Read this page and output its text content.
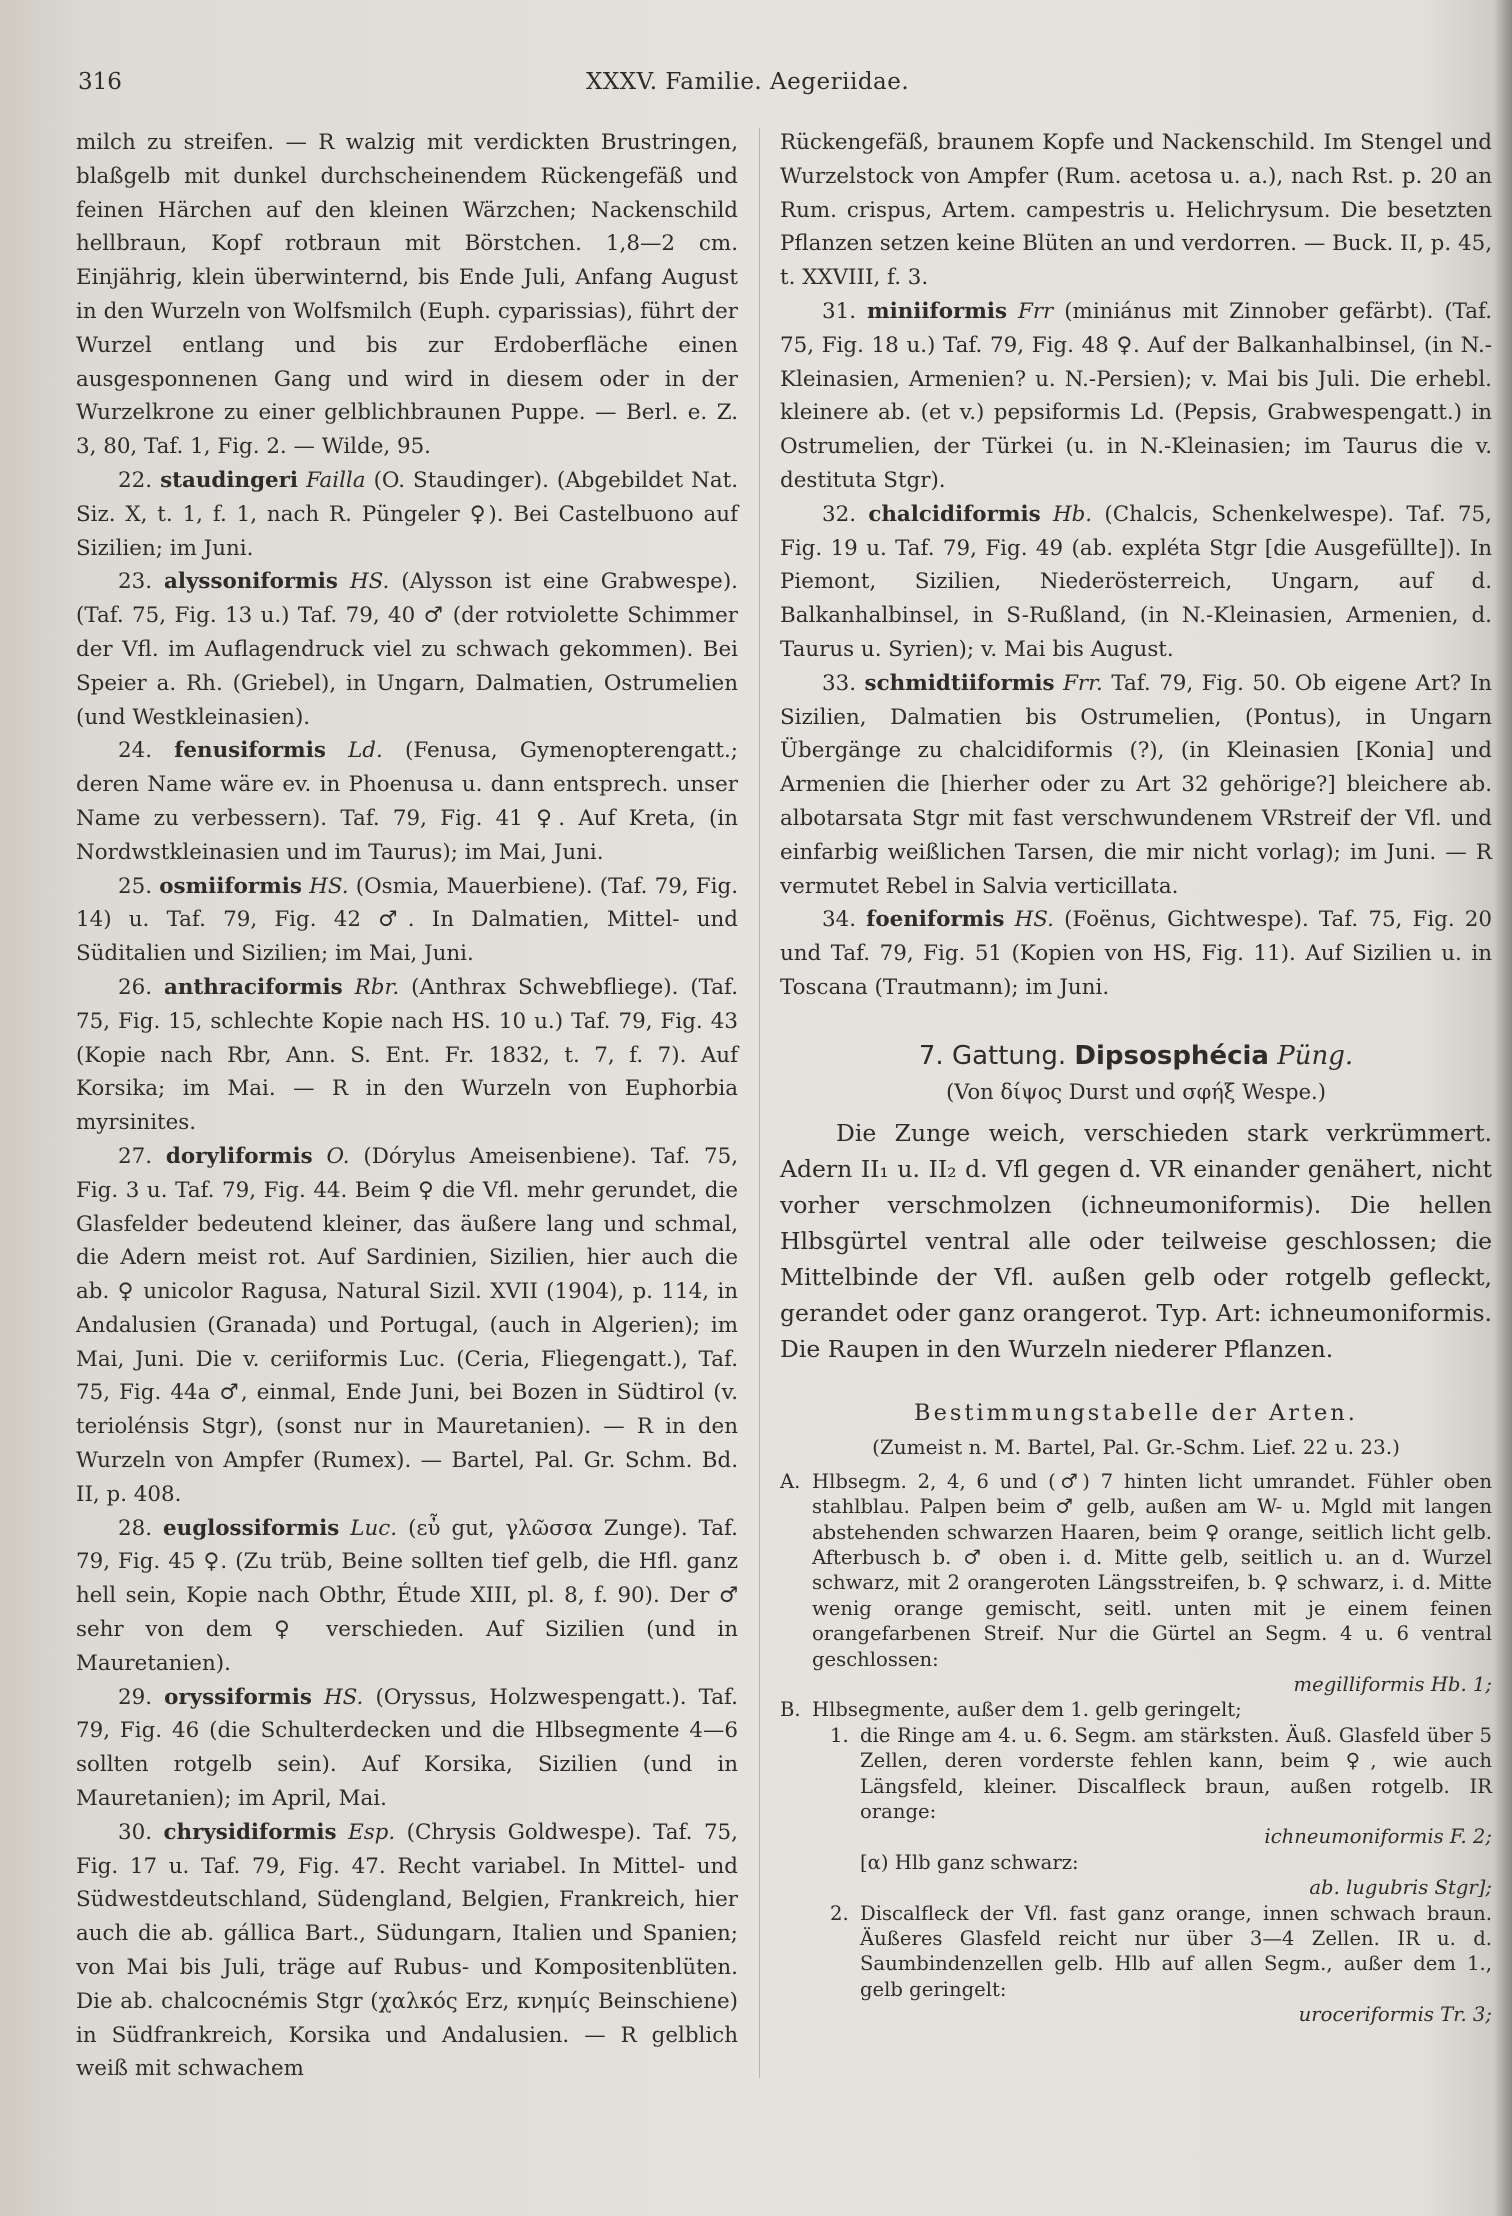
316	XXXV. Familie. Aegeriidae.

milch zu streifen. — R walzig mit verdickten Brustringen, blaßgelb mit dunkel durchscheinendem Rückengefäß und feinen Härchen auf den kleinen Wärzchen; Nackenschild hellbraun, Kopf rotbraun mit Börstchen. 1,8—2 cm. Einjährig, klein überwinternd, bis Ende Juli, Anfang August in den Wurzeln von Wolfsmilch (Euph. cyparissias), führt der Wurzel entlang und bis zur Erdoberfläche einen ausgesponnenen Gang und wird in diesem oder in der Wurzelkrone zu einer gelblichbraunen Puppe. — Berl. e. Z. 3, 80, Taf. 1, Fig. 2. — Wilde, 95.

22. staudingeri Failla (O. Staudinger). (Abgebildet Nat. Siz. X, t. 1, f. 1, nach R. Püngeler ♀). Bei Castelbuono auf Sizilien; im Juni.

23. alyssoniformis HS. (Alysson ist eine Grabwespe). (Taf. 75, Fig. 13 u.) Taf. 79, 40 ♂ (der rotviolette Schimmer der Vfl. im Auflagendruck viel zu schwach gekommen). Bei Speier a. Rh. (Griebel), in Ungarn, Dalmatien, Ostrumelien (und Westkleinasien).

24. fenusiformis Ld. (Fenusa, Gymenopterengatt.; deren Name wäre ev. in Phoenusa u. dann entsprech. unser Name zu verbessern). Taf. 79, Fig. 41 ♀. Auf Kreta, (in Nordwstkleinasien und im Taurus); im Mai, Juni.

25. osmiiformis HS. (Osmia, Mauerbiene). (Taf. 79, Fig. 14) u. Taf. 79, Fig. 42 ♂. In Dalmatien, Mittel- und Süditalien und Sizilien; im Mai, Juni.

26. anthraciformis Rbr. (Anthrax Schwebfliege). (Taf. 75, Fig. 15, schlechte Kopie nach HS. 10 u.) Taf. 79, Fig. 43 (Kopie nach Rbr, Ann. S. Ent. Fr. 1832, t. 7, f. 7). Auf Korsika; im Mai. — R in den Wurzeln von Euphorbia myrsinites.

27. doryliformis O. (Dórylus Ameisenbiene). Taf. 75, Fig. 3 u. Taf. 79, Fig. 44. Beim ♀ die Vfl. mehr gerundet, die Glasfelder bedeutend kleiner, das äußere lang und schmal, die Adern meist rot. Auf Sardinien, Sizilien, hier auch die ab. ♀ unicolor Ragusa, Natural Sizil. XVII (1904), p. 114, in Andalusien (Granada) und Portugal, (auch in Algerien); im Mai, Juni. Die v. ceriiformis Luc. (Ceria, Fliegengatt.), Taf. 75, Fig. 44a ♂, einmal, Ende Juni, bei Bozen in Südtirol (v. teriolénsis Stgr), (sonst nur in Mauretanien). — R in den Wurzeln von Ampfer (Rumex). — Bartel, Pal. Gr. Schm. Bd. II, p. 408.

28. euglossiformis Luc. (εὖ gut, γλῶσσα Zunge). Taf. 79, Fig. 45 ♀. (Zu trüb, Beine sollten tief gelb, die Hfl. ganz hell sein, Kopie nach Obthr, Étude XIII, pl. 8, f. 90). Der ♂ sehr von dem ♀ verschieden. Auf Sizilien (und in Mauretanien).

29. oryssiformis HS. (Oryssus, Holzwespengatt.). Taf. 79, Fig. 46 (die Schulterdecken und die Hlbsegmente 4—6 sollten rotgelb sein). Auf Korsika, Sizilien (und in Mauretanien); im April, Mai.

30. chrysidiformis Esp. (Chrysis Goldwespe). Taf. 75, Fig. 17 u. Taf. 79, Fig. 47. Recht variabel. In Mittel- und Südwestdeutschland, Südengland, Belgien, Frankreich, hier auch die ab. gállica Bart., Südungarn, Italien und Spanien; von Mai bis Juli, träge auf Rubus- und Kompositenblüten. Die ab. chalcocnémis Stgr (χαλκός Erz, κνημίς Beinschiene) in Südfrankreich, Korsika und Andalusien. — R gelblich weiß mit schwachem

Rückengefäß, braunem Kopfe und Nackenschild. Im Stengel und Wurzelstock von Ampfer (Rum. acetosa u. a.), nach Rst. p. 20 an Rum. crispus, Artem. campestris u. Helichrysum. Die besetzten Pflanzen setzen keine Blüten an und verdorren. — Buck. II, p. 45, t. XXVIII, f. 3.

31. miniiformis Frr (miniánus mit Zinnober gefärbt). (Taf. 75, Fig. 18 u.) Taf. 79, Fig. 48 ♀. Auf der Balkanhalbinsel, (in N.-Kleinasien, Armenien? u. N.-Persien); v. Mai bis Juli. Die erhebl. kleinere ab. (et v.) pepsiformis Ld. (Pepsis, Grabwespengatt.) in Ostrumelien, der Türkei (u. in N.-Kleinasien; im Taurus die v. destituta Stgr).

32. chalcidiformis Hb. (Chalcis, Schenkelwespe). Taf. 75, Fig. 19 u. Taf. 79, Fig. 49 (ab. expléta Stgr [die Ausgefüllte]). In Piemont, Sizilien, Niederösterreich, Ungarn, auf d. Balkanhalbinsel, in S-Rußland, (in N.-Kleinasien, Armenien, d. Taurus u. Syrien); v. Mai bis August.

33. schmidtiiformis Frr. Taf. 79, Fig. 50. Ob eigene Art? In Sizilien, Dalmatien bis Ostrumelien, (Pontus), in Ungarn Übergänge zu chalcidiformis (?), (in Kleinasien [Konia] und Armenien die [hierher oder zu Art 32 gehörige?] bleichere ab. albotarsata Stgr mit fast verschwundenem VRstreif der Vfl. und einfarbig weißlichen Tarsen, die mir nicht vorlag); im Juni. — R vermutet Rebel in Salvia verticillata.

34. foeniformis HS. (Foënus, Gichtwespe). Taf. 75, Fig. 20 und Taf. 79, Fig. 51 (Kopien von HS, Fig. 11). Auf Sizilien u. in Toscana (Trautmann); im Juni.

7. Gattung. Dipsosphécia Püng.
(Von δίψος Durst und σφήξ Wespe.)

Die Zunge weich, verschieden stark verkrümmert. Adern II₁ u. II₂ d. Vfl gegen d. VR einander genähert, nicht vorher verschmolzen (ichneumoniformis). Die hellen Hlbsgürtel ventral alle oder teilweise geschlossen; die Mittelbinde der Vfl. außen gelb oder rotgelb gefleckt, gerandet oder ganz orangerot. Typ. Art: ichneumoniformis. Die Raupen in den Wurzeln niederer Pflanzen.

Bestimmungstabelle der Arten.
(Zumeist n. M. Bartel, Pal. Gr.-Schm. Lief. 22 u. 23.)
A. Hlbsegm. 2, 4, 6 und (♂) 7 hinten licht umrandet. Fühler oben stahlblau. Palpen beim ♂ gelb, außen am W- u. Mgld mit langen abstehenden schwarzen Haaren, beim ♀ orange, seitlich licht gelb. Afterbusch b. ♂ oben i. d. Mitte gelb, seitlich u. an d. Wurzel schwarz, mit 2 orangeroten Längsstreifen, b. ♀ schwarz, i. d. Mitte wenig orange gemischt, seitl. unten mit je einem feinen orangefarbenen Streif. Nur die Gürtel an Segm. 4 u. 6 ventral geschlossen:
megilliformis Hb. 1;
B. Hlbsegmente, außer dem 1. gelb geringelt;
1. die Ringe am 4. u. 6. Segm. am stärksten. Äuß. Glasfeld über 5 Zellen, deren vorderste fehlen kann, beim ♀, wie auch Längsfeld, kleiner. Discalfleck braun, außen rotgelb. IR orange:
ichneumoniformis F. 2;
[α) Hlb ganz schwarz:
ab. lugubris Stgr];
2. Discalfleck der Vfl. fast ganz orange, innen schwach braun. Äußeres Glasfeld reicht nur über 3—4 Zellen. IR u. d. Saumbindenzellen gelb. Hlb auf allen Segm., außer dem 1., gelb geringelt:
uroceriformis Tr. 3;
